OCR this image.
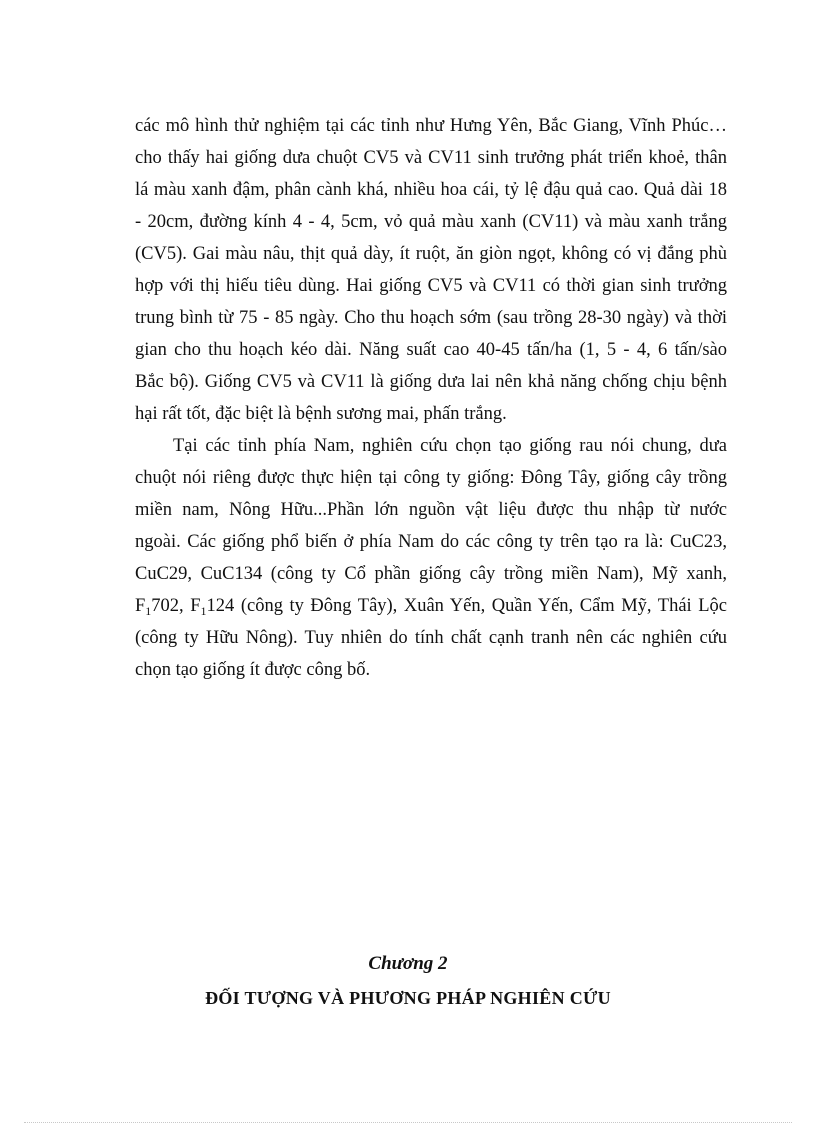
các mô hình thử nghiệm tại các tỉnh như Hưng Yên, Bắc Giang, Vĩnh Phúc…
cho thấy hai giống dưa chuột CV5 và CV11 sinh trưởng phát triển khoẻ, thân
lá màu xanh đậm, phân cành khá, nhiều hoa cái, tỷ lệ đậu quả cao. Quả dài 18
- 20cm, đường kính 4 - 4, 5cm, vỏ quả màu xanh (CV11) và màu xanh trắng
(CV5). Gai màu nâu, thịt quả dày, ít ruột, ăn giòn ngọt, không có vị đắng phù
hợp với thị hiếu tiêu dùng. Hai giống CV5 và CV11 có thời gian sinh trưởng
trung bình từ 75 - 85 ngày. Cho thu hoạch sớm (sau trồng 28-30 ngày) và thời
gian cho thu hoạch kéo dài. Năng suất cao 40-45 tấn/ha (1, 5 - 4, 6 tấn/sào
Bắc bộ). Giống CV5 và CV11 là giống dưa lai nên khả năng chống chịu bệnh
hại rất tốt, đặc biệt là bệnh sương mai, phấn trắng.
Tại các tỉnh phía Nam, nghiên cứu chọn tạo giống rau nói chung, dưa
chuột nói riêng được thực hiện tại công ty giống: Đông Tây, giống cây trồng
miền nam, Nông Hữu...Phần lớn nguồn vật liệu được thu nhập từ nước
ngoài. Các giống phổ biến ở phía Nam do các công ty trên tạo ra là: CuC23,
CuC29, CuC134 (công ty Cổ phần giống cây trồng miền Nam), Mỹ xanh,
$F_1702$, $F_1124$ (công ty Đông Tây), Xuân Yến, Quần Yến, Cẩm Mỹ, Thái Lộc
(công ty Hữu Nông). Tuy nhiên do tính chất cạnh tranh nên các nghiên cứu
chọn tạo giống ít được công bố.
Chương 2
ĐỐI TƯỢNG VÀ PHƯƠNG PHÁP NGHIÊN CỨU
